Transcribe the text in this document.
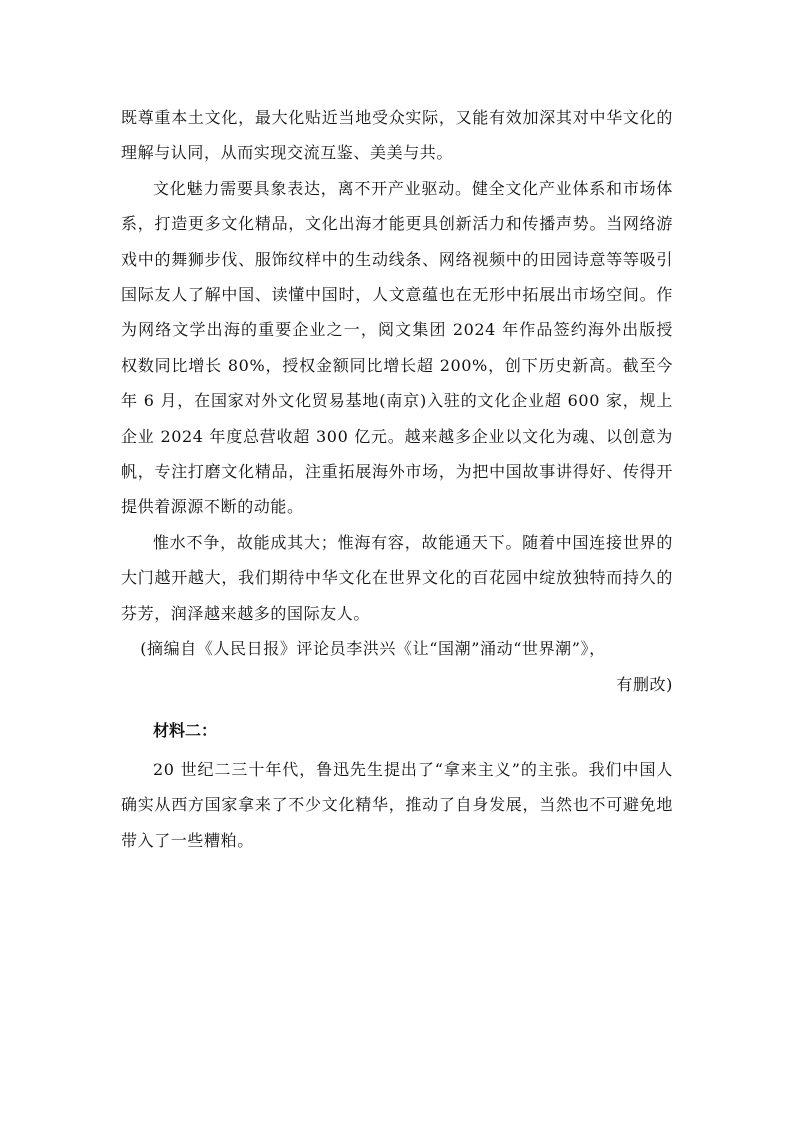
既尊重本土文化，最大化贴近当地受众实际，又能有效加深其对中华文化的理解与认同，从而实现交流互鉴、美美与共。

文化魅力需要具象表达，离不开产业驱动。健全文化产业体系和市场体系，打造更多文化精品，文化出海才能更具创新活力和传播声势。当网络游戏中的舞狮步伐、服饰纹样中的生动线条、网络视频中的田园诗意等等吸引国际友人了解中国、读懂中国时，人文意蕴也在无形中拓展出市场空间。作为网络文学出海的重要企业之一，阅文集团 2024 年作品签约海外出版授权数同比增长 80%，授权金额同比增长超 200%，创下历史新高。截至今年 6 月，在国家对外文化贸易基地(南京)入驻的文化企业超 600 家，规上企业 2024 年度总营收超 300 亿元。越来越多企业以文化为魂、以创意为帆，专注打磨文化精品，注重拓展海外市场，为把中国故事讲得好、传得开提供着源源不断的动能。

惟水不争，故能成其大；惟海有容，故能通天下。随着中国连接世界的大门越开越大，我们期待中华文化在世界文化的百花园中绽放独特而持久的芬芳，润泽越来越多的国际友人。

(摘编自《人民日报》评论员李洪兴《让“国潮”涌动“世界潮”》，

有删改)

材料二：

20 世纪二三十年代，鲁迅先生提出了“拿来主义”的主张。我们中国人确实从西方国家拿来了不少文化精华，推动了自身发展，当然也不可避免地带入了一些糟粕。
